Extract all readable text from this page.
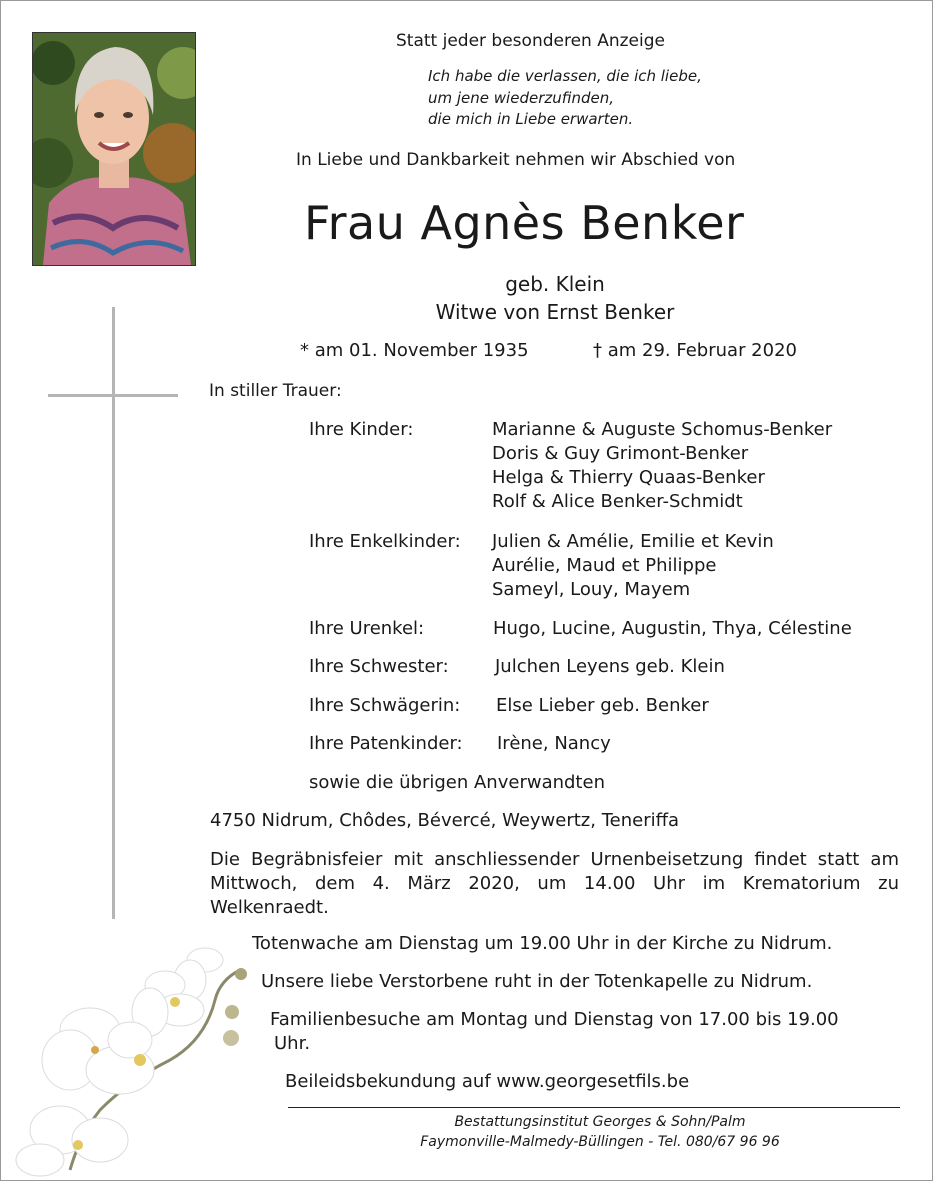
Statt jeder besonderen Anzeige
Ich habe die verlassen, die ich liebe,
um jene wiederzufinden,
die mich in Liebe erwarten.
In Liebe und Dankbarkeit nehmen wir Abschied von
Frau Agnès Benker
geb. Klein
Witwe von Ernst Benker
* am 01. November 1935	† am 29. Februar 2020
In stiller Trauer:
Ihre Kinder:	Marianne & Auguste Schomus-Benker
Doris & Guy Grimont-Benker
Helga & Thierry Quaas-Benker
Rolf & Alice Benker-Schmidt
Ihre Enkelkinder: Julien & Amélie, Emilie et Kevin
Aurélie, Maud et Philippe
Sameyl, Louy, Mayem
Ihre Urenkel:	Hugo, Lucine, Augustin, Thya, Célestine
Ihre Schwester:	Julchen Leyens geb. Klein
Ihre Schwägerin: Else Lieber geb. Benker
Ihre Patenkinder: Irène, Nancy
sowie die übrigen Anverwandten
4750 Nidrum, Chôdes, Bévercé, Weywertz, Teneriffa
Die Begräbnisfeier mit anschliessender Urnenbeisetzung findet statt am Mittwoch, dem 4. März 2020, um 14.00 Uhr im Krematorium zu Welkenraedt.
Totenwache am Dienstag um 19.00 Uhr in der Kirche zu Nidrum.
Unsere liebe Verstorbene ruht in der Totenkapelle zu Nidrum.
Familienbesuche am Montag und Dienstag von 17.00 bis 19.00
Uhr.
Beileidsbekundung auf www.georgesetfils.be
Bestattungsinstitut Georges & Sohn/Palm
Faymonville-Malmedy-Büllingen - Tel. 080/67 96 96
